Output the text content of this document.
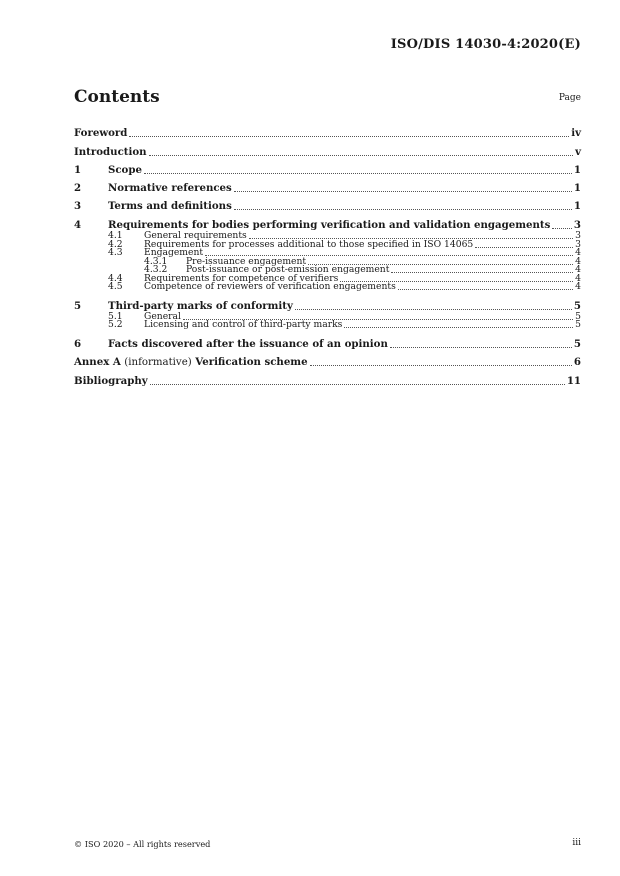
ISO/DIS 14030-4:2020(E)
Contents	Page
Foreword	iv
Introduction	v
1	Scope	1
2	Normative references	1
3	Terms and definitions	1
4	Requirements for bodies performing verification and validation engagements 3
4.1	General requirements	3
4.2	Requirements for processes additional to those specified in ISO 14065	3
4.3	Engagement	4
4.3.1	Pre-issuance engagement	4
4.3.2	Post-issuance or post-emission engagement	4
4.4	Requirements for competence of verifiers	4
4.5	Competence of reviewers of verification engagements	4
5	Third-party marks of conformity	5
5.1	General	5
5.2	Licensing and control of third-party marks	5
6	Facts discovered after the issuance of an opinion	5
Annex A (informative) Verification scheme	6
Bibliography	11
© ISO 2020 – All rights reserved	iii
